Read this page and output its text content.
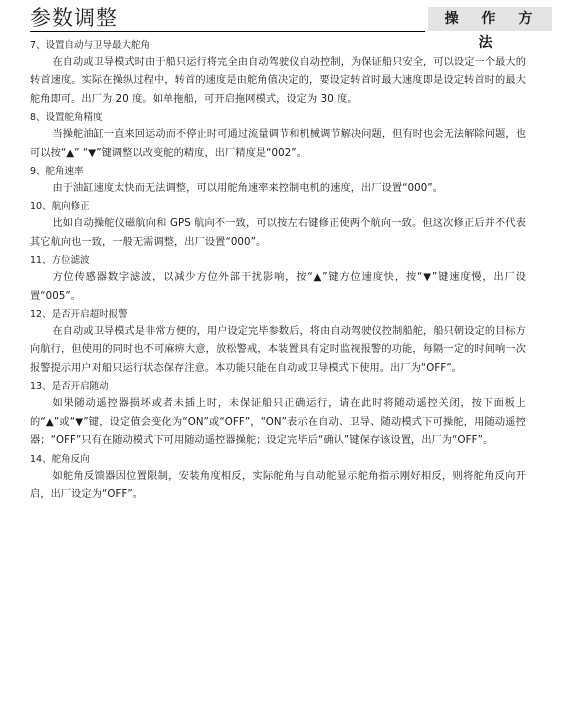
参数调整	操 作 方 法
7、设置自动与卫导最大舵角

在自动或卫导模式时由于船只运行将完全由自动驾驶仪自动控制，为保证船只安全，可以设定一个最大的转首速度。实际在操纵过程中，转首的速度是由舵角值决定的，要设定转首时最大速度即是设定转首时的最大舵角即可。出厂为 20 度。如单拖船，可开启拖网模式，设定为 30 度。

8、设置舵角精度

当操舵油缸一直来回运动而不停止时可通过流量调节和机械调节解决问题，但有时也会无法解除问题，也可以按“▲” “▼”键调整以改变舵的精度，出厂精度是“002”。

9、舵角速率

由于油缸速度太快而无法调整，可以用舵角速率来控制电机的速度，出厂设置“000”。

10、航向修正

比如自动操舵仪磁航向和 GPS 航向不一致，可以按左右键修正使两个航向一致。但这次修正后并不代表其它航向也一致，一般无需调整，出厂设置“000”。

11、方位滤波

方位传感器数字滤波，以减少方位外部干扰影响，按“▲”键方位速度快，按“▼”键速度慢，出厂设置“005”。

12、是否开启超时报警

在自动或卫导模式是非常方便的，用户设定完毕参数后，将由自动驾驶仪控制船舵，船只朝设定的目标方向航行，但使用的同时也不可麻痹大意，放松警戒，本装置具有定时监视报警的功能，每隔一定的时间响一次报警提示用户对船只运行状态保存注意。本功能只能在自动或卫导模式下使用。出厂为“OFF”。

13、是否开启随动

如果随动遥控器损坏或者未插上时，未保证船只正确运行，请在此时将随动遥控关闭，按下面板上的“▲”或“▼”键，设定值会变化为“ON”或“OFF”，“ON”表示在自动、卫导、随动模式下可操舵，用随动遥控器；“OFF”只有在随动模式下可用随动遥控器操舵；设定完毕后“确认”键保存该设置，出厂为“OFF”。

14、舵角反向

如舵角反馈器因位置限制，安装角度相反，实际舵角与自动舵显示舵角指示刚好相反，则将舵角反向开启，出厂设定为“OFF”。
